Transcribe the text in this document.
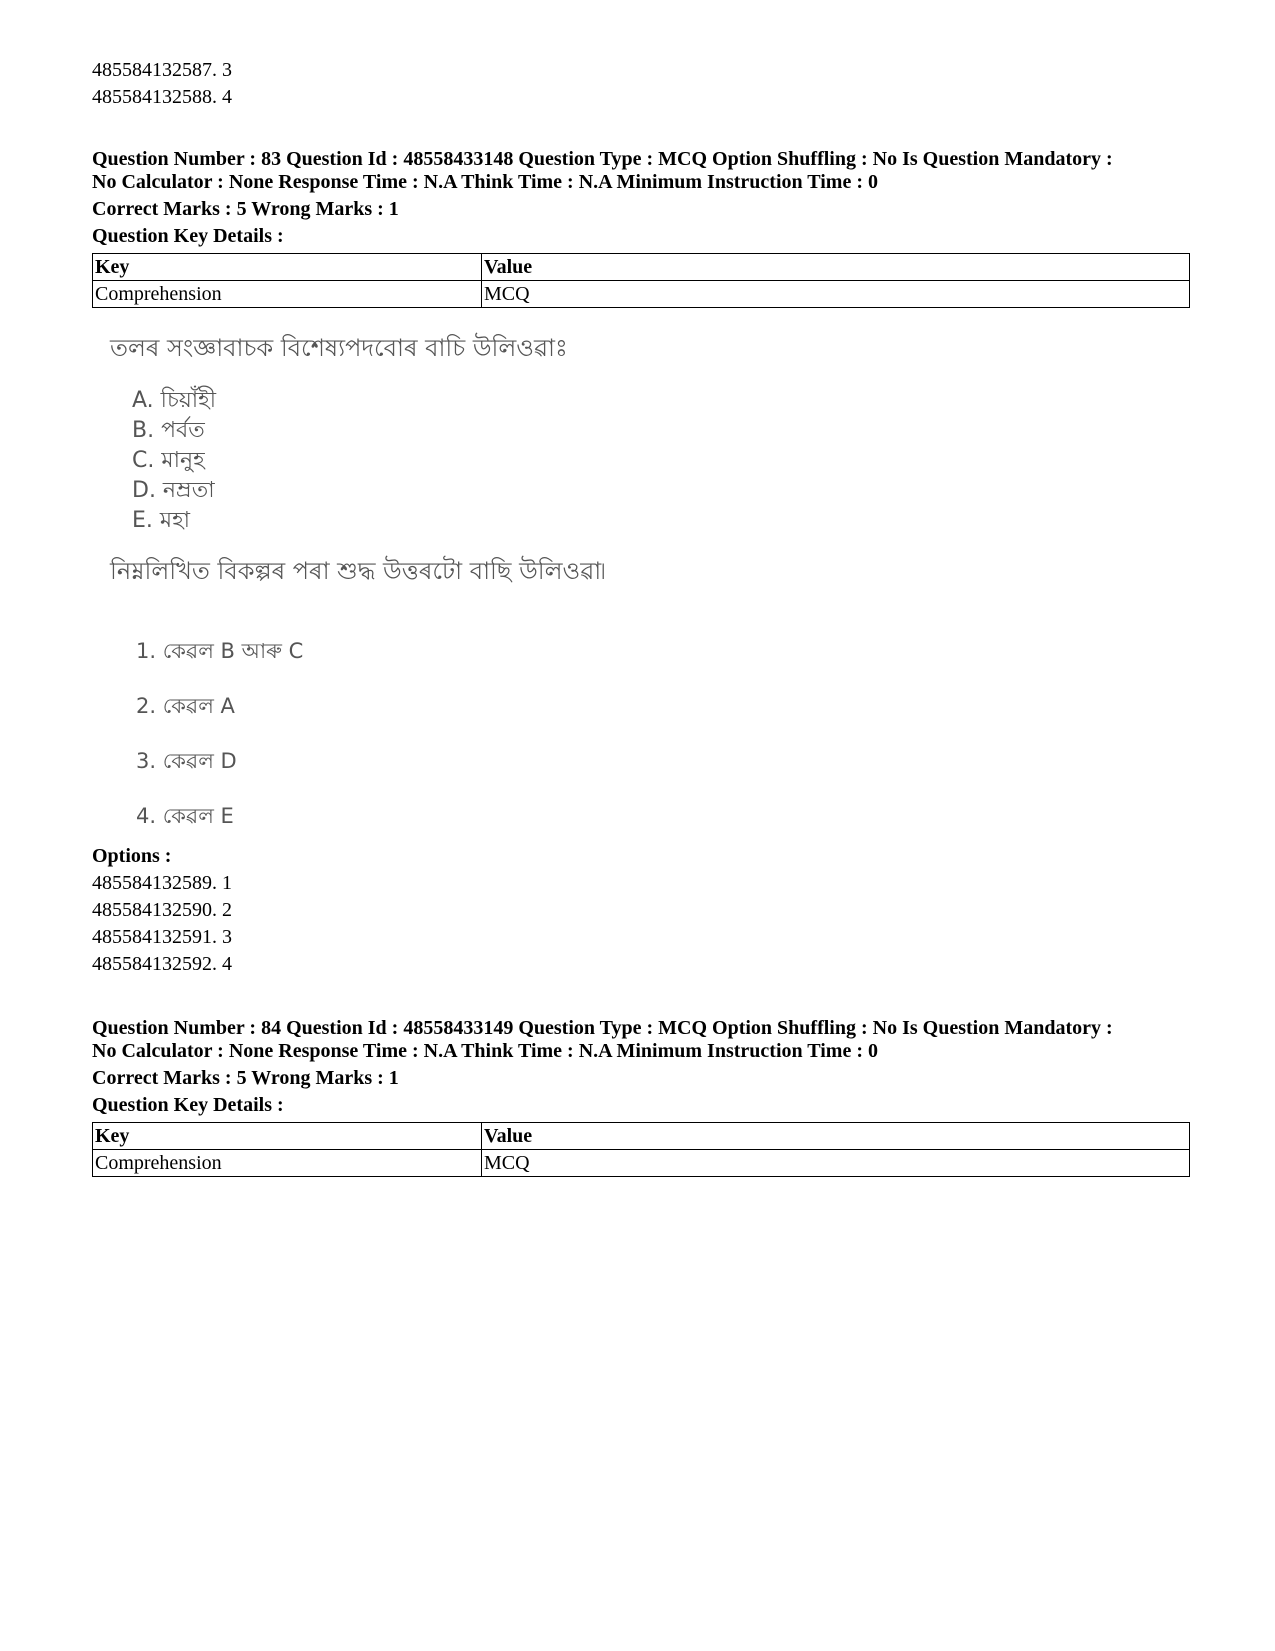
485584132587. 3
485584132588. 4
Question Number : 83 Question Id : 48558433148 Question Type : MCQ Option Shuffling : No Is Question Mandatory :
No Calculator : None Response Time : N.A Think Time : N.A Minimum Instruction Time : 0
Correct Marks : 5 Wrong Marks : 1
Question Key Details :
Key	Value
Comprehension	MCQ
তলৰ সংজ্ঞাবাচক বিশেষ্যপদবোৰ বাচি উলিওৱাঃ
A. চিয়াঁহী
B. পৰ্বত
C. মানুহ
D. নম্রতা
E. মহা
নিম্নলিখিত বিকল্পৰ পৰা শুদ্ধ উত্তৰটো বাছি উলিওৱা৷
1. কেৱল B আৰু C
2. কেৱল A
3. কেৱল D
4. কেৱল E
Options :
485584132589. 1
485584132590. 2
485584132591. 3
485584132592. 4
Question Number : 84 Question Id : 48558433149 Question Type : MCQ Option Shuffling : No Is Question Mandatory :
No Calculator : None Response Time : N.A Think Time : N.A Minimum Instruction Time : 0
Correct Marks : 5 Wrong Marks : 1
Question Key Details :
Key	Value
Comprehension	MCQ
